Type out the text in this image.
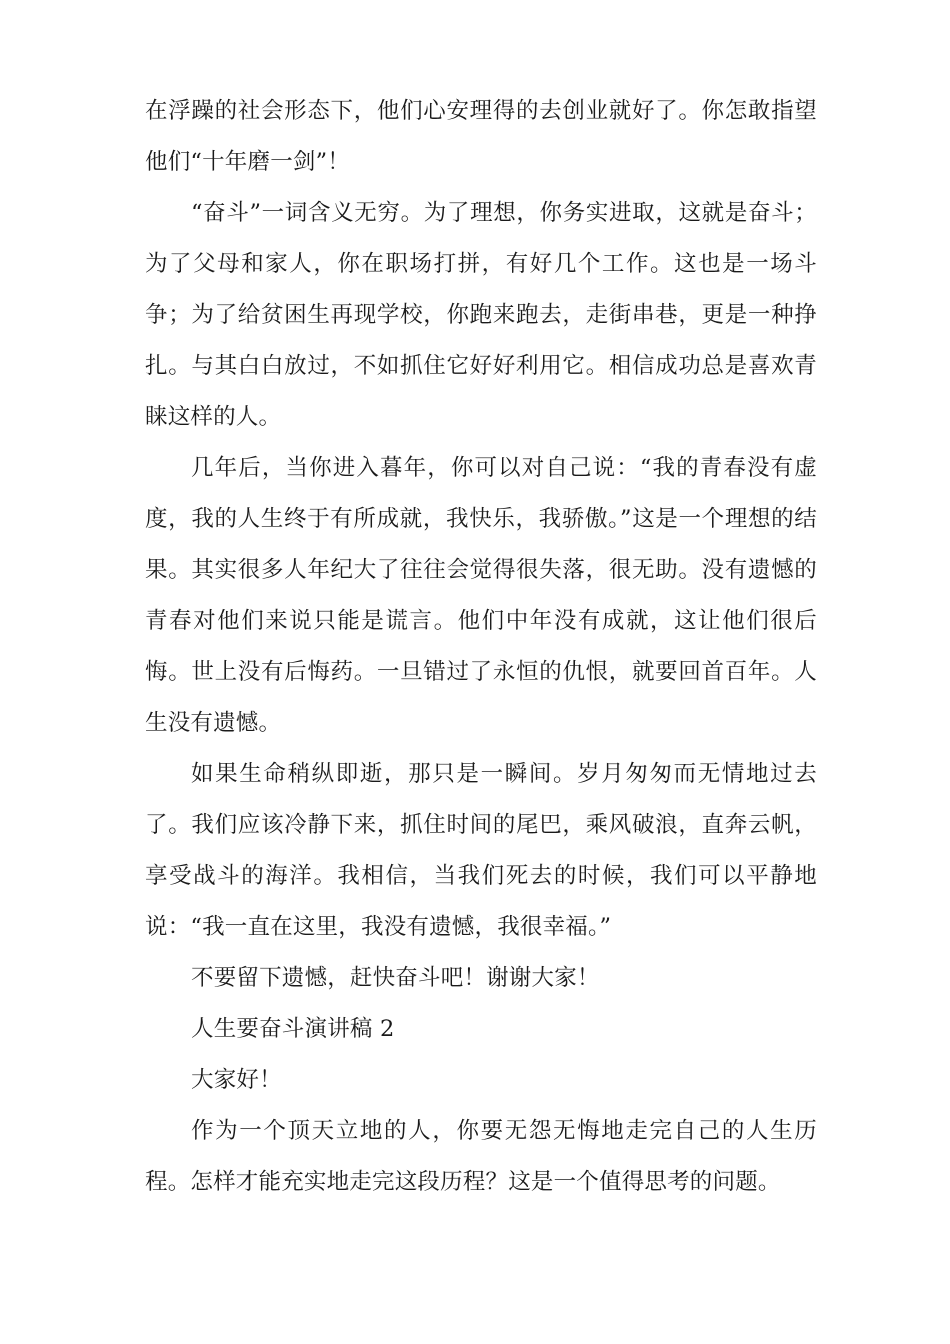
在浮躁的社会形态下，他们心安理得的去创业就好了。你怎敢指望他们“十年磨一剑”！

“奋斗”一词含义无穷。为了理想，你务实进取，这就是奋斗；为了父母和家人，你在职场打拼，有好几个工作。这也是一场斗争；为了给贫困生再现学校，你跑来跑去，走街串巷，更是一种挣扎。与其白白放过，不如抓住它好好利用它。相信成功总是喜欢青睐这样的人。

几年后，当你进入暮年，你可以对自己说：“我的青春没有虚度，我的人生终于有所成就，我快乐，我骄傲。”这是一个理想的结果。其实很多人年纪大了往往会觉得很失落，很无助。没有遗憾的青春对他们来说只能是谎言。他们中年没有成就，这让他们很后悔。世上没有后悔药。一旦错过了永恒的仇恨，就要回首百年。人生没有遗憾。

如果生命稍纵即逝，那只是一瞬间。岁月匆匆而无情地过去了。我们应该冷静下来，抓住时间的尾巴，乘风破浪，直奔云帆，享受战斗的海洋。我相信，当我们死去的时候，我们可以平静地说：“我一直在这里，我没有遗憾，我很幸福。”

不要留下遗憾，赶快奋斗吧！谢谢大家！

人生要奋斗演讲稿 2

大家好！

作为一个顶天立地的人，你要无怨无悔地走完自己的人生历程。怎样才能充实地走完这段历程？这是一个值得思考的问题。
